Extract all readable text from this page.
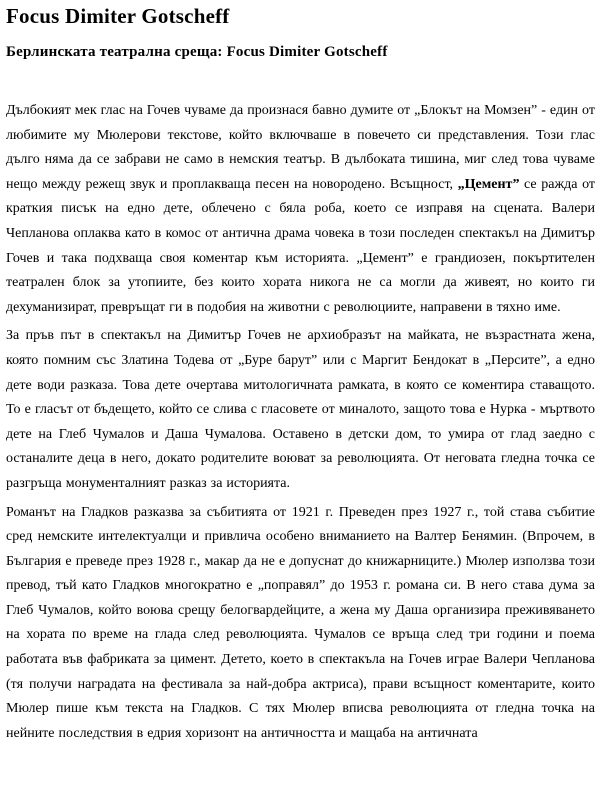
Focus Dimiter Gotscheff
Берлинската театрална среща: Focus Dimiter Gotscheff

Дълбокият мек глас на Гочев чуваме да произнася бавно думите от „Блокът на Момзен” - един от любимите му Мюлерови текстове, който включваше в повечето си представления. Този глас дълго няма да се забрави не само в немския театър. В дълбоката тишина, миг след това чуваме нещо между режещ звук и проплакваща песен на новородено. Всъщност, „Цемент” се ражда от краткия писък на едно дете, облечено с бяла роба, което се изправя на сцената. Валери Чепланова оплаква като в комос от антична драма човека в този последен спектакъл на Димитър Гочев и така подхваща своя коментар към историята. „Цемент” е грандиозен, покъртителен театрален блок за утопиите, без които хората никога не са могли да живеят, но които ги дехуманизират, превръщат ги в подобия на животни с революциите, направени в тяхно име.

За пръв път в спектакъл на Димитър Гочев не архиобразът на майката, не възрастната жена, която помним със Златина Тодева от „Буре барут” или с Маргит Бендокат в „Персите”, а едно дете води разказа. Това дете очертава митологичната рамката, в която се коментира ставащото. То е гласът от бъдещето, който се слива с гласовете от миналото, защото това е Нурка - мъртвото дете на Глеб Чумалов и Даша Чумалова. Оставено в детски дом, то умира от глад заедно с останалите деца в него, докато родителите воюват за революцията. От неговата гледна точка се разгръща монументалният разказ за историята.

Романът на Гладков разказва за събитията от 1921 г. Преведен през 1927 г., той става събитие сред немските интелектуалци и привлича особено вниманието на Валтер Бенямин. (Впрочем, в България е преведе през 1928 г., макар да не е допуснат до книжарниците.) Мюлер използва този превод, тъй като Гладков многократно е „поправял” до 1953 г. романа си. В него става дума за Глеб Чумалов, който воюва срещу белогвардейците, а жена му Даша организира преживяването на хората по време на глада след революцията. Чумалов се връща след три години и поема работата във фабриката за цимент. Детето, което в спектакъла на Гочев играе Валери Чепланова (тя получи наградата на фестивала за най-добра актриса), прави всъщност коментарите, които Мюлер пише към текста на Гладков. С тях Мюлер вписва революцията от гледна точка на нейните последствия в едрия хоризонт на античността и мащаба на античната
